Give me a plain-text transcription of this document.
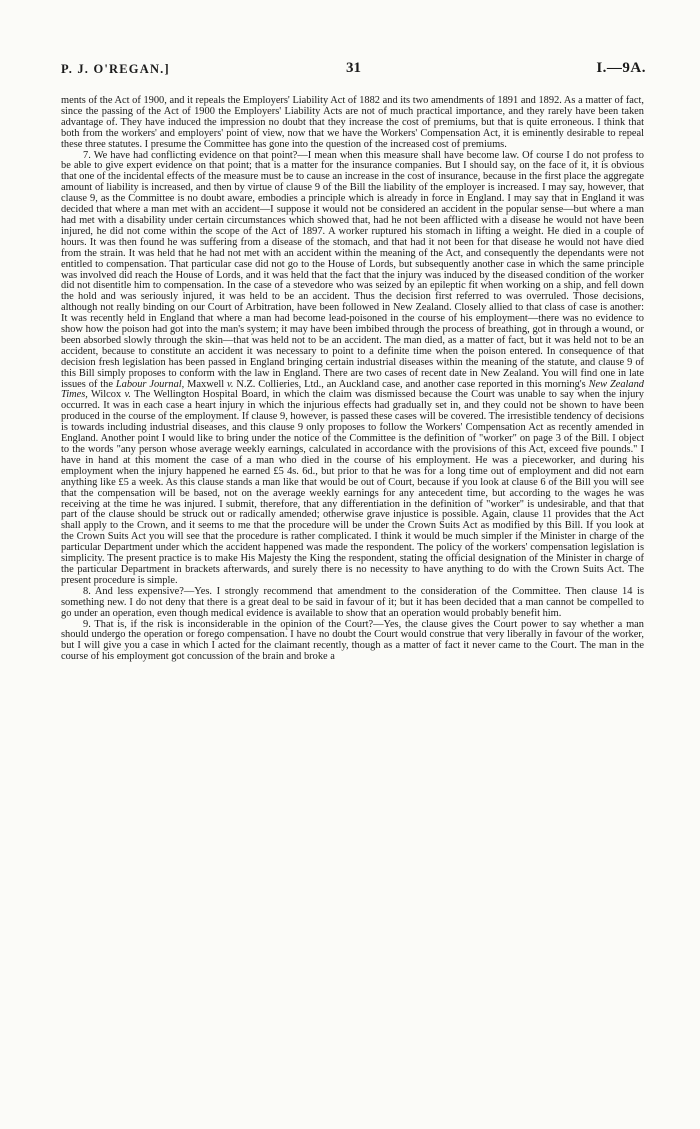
P. J. O'REGAN.]	31	I.—9A.

ments of the Act of 1900, and it repeals the Employers' Liability Act of 1882 and its two amendments of 1891 and 1892. As a matter of fact, since the passing of the Act of 1900 the Employers' Liability Acts are not of much practical importance, and they rarely have been taken advantage of. They have induced the impression no doubt that they increase the cost of premiums, but that is quite erroneous. I think that both from the workers' and employers' point of view, now that we have the Workers' Compensation Act, it is eminently desirable to repeal these three statutes. I presume the Committee has gone into the question of the increased cost of premiums.

7. We have had conflicting evidence on that point?—I mean when this measure shall have become law. Of course I do not profess to be able to give expert evidence on that point; that is a matter for the insurance companies. But I should say, on the face of it, it is obvious that one of the incidental effects of the measure must be to cause an increase in the cost of insurance, because in the first place the aggregate amount of liability is increased, and then by virtue of clause 9 of the Bill the liability of the employer is increased. I may say, however, that clause 9, as the Committee is no doubt aware, embodies a principle which is already in force in England. I may say that in England it was decided that where a man met with an accident—I suppose it would not be considered an accident in the popular sense—but where a man had met with a disability under certain circumstances which showed that, had he not been afflicted with a disease he would not have been injured, he did not come within the scope of the Act of 1897. A worker ruptured his stomach in lifting a weight. He died in a couple of hours. It was then found he was suffering from a disease of the stomach, and that had it not been for that disease he would not have died from the strain. It was held that he had not met with an accident within the meaning of the Act, and consequently the dependants were not entitled to compensation. That particular case did not go to the House of Lords, but subsequently another case in which the same principle was involved did reach the House of Lords, and it was held that the fact that the injury was induced by the diseased condition of the worker did not disentitle him to compensation. In the case of a stevedore who was seized by an epileptic fit when working on a ship, and fell down the hold and was seriously injured, it was held to be an accident. Thus the decision first referred to was overruled. Those decisions, although not really binding on our Court of Arbitration, have been followed in New Zealand. Closely allied to that class of case is another: It was recently held in England that where a man had become lead-poisoned in the course of his employment—there was no evidence to show how the poison had got into the man's system; it may have been imbibed through the process of breathing, got in through a wound, or been absorbed slowly through the skin—that was held not to be an accident. The man died, as a matter of fact, but it was held not to be an accident, because to constitute an accident it was necessary to point to a definite time when the poison entered. In consequence of that decision fresh legislation has been passed in England bringing certain industrial diseases within the meaning of the statute, and clause 9 of this Bill simply proposes to conform with the law in England. There are two cases of recent date in New Zealand. You will find one in late issues of the Labour Journal, Maxwell v. N.Z. Collieries, Ltd., an Auckland case, and another case reported in this morning's New Zealand Times, Wilcox v. The Wellington Hospital Board, in which the claim was dismissed because the Court was unable to say when the injury occurred. It was in each case a heart injury in which the injurious effects had gradually set in, and they could not be shown to have been produced in the course of the employment. If clause 9, however, is passed these cases will be covered. The irresistible tendency of decisions is towards including industrial diseases, and this clause 9 only proposes to follow the Workers' Compensation Act as recently amended in England. Another point I would like to bring under the notice of the Committee is the definition of "worker" on page 3 of the Bill. I object to the words "any person whose average weekly earnings, calculated in accordance with the provisions of this Act, exceed five pounds." I have in hand at this moment the case of a man who died in the course of his employment. He was a pieceworker, and during his employment when the injury happened he earned £5 4s. 6d., but prior to that he was for a long time out of employment and did not earn anything like £5 a week. As this clause stands a man like that would be out of Court, because if you look at clause 6 of the Bill you will see that the compensation will be based, not on the average weekly earnings for any antecedent time, but according to the wages he was receiving at the time he was injured. I submit, therefore, that any differentiation in the definition of "worker" is undesirable, and that that part of the clause should be struck out or radically amended; otherwise grave injustice is possible. Again, clause 11 provides that the Act shall apply to the Crown, and it seems to me that the procedure will be under the Crown Suits Act as modified by this Bill. If you look at the Crown Suits Act you will see that the procedure is rather complicated. I think it would be much simpler if the Minister in charge of the particular Department under which the accident happened was made the respondent. The policy of the workers' compensation legislation is simplicity. The present practice is to make His Majesty the King the respondent, stating the official designation of the Minister in charge of the particular Department in brackets afterwards, and surely there is no necessity to have anything to do with the Crown Suits Act. The present procedure is simple.

8. And less expensive?—Yes. I strongly recommend that amendment to the consideration of the Committee. Then clause 14 is something new. I do not deny that there is a great deal to be said in favour of it; but it has been decided that a man cannot be compelled to go under an operation, even though medical evidence is available to show that an operation would probably benefit him.

9. That is, if the risk is inconsiderable in the opinion of the Court?—Yes, the clause gives the Court power to say whether a man should undergo the operation or forego compensation. I have no doubt the Court would construe that very liberally in favour of the worker, but I will give you a case in which I acted for the claimant recently, though as a matter of fact it never came to the Court. The man in the course of his employment got concussion of the brain and broke a
